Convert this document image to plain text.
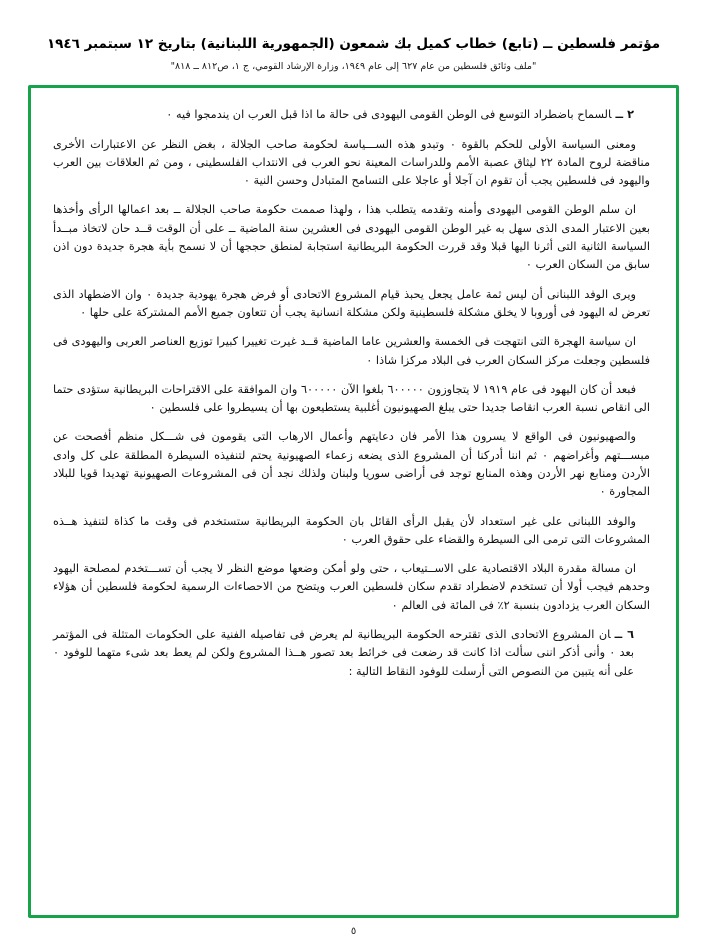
مؤتمر فلسطين ــ (تابع) خطاب كميل بك شمعون (الجمهورية اللبنانية) بتاريخ ١٢ سبتمبر ١٩٤٦
"ملف وثائق فلسطين من عام ٦٢٧ إلى عام ١٩٤٩، وزارة الإرشاد القومي، ج ١، ص٨١٢ ــ ٨١٨"

٢ ــالسماح باضطراد التوسع فى الوطن القومى اليهودى فى حالة ما اذا قبل العرب ان يندمجوا فيه ٠

ومعنى السياسة الأولى للحكم بالقوة ٠ وتبدو هذه الســـياسة لحكومة صاحب الجلالة ، بغض النظر عن الاعتبارات الأخرى مناقضة لروح المادة ٢٢ ليثاق عصبة الأمم وللدراسات المعينة نحو العرب فى الانتداب الفلسطينى ، ومن ثم العلاقات بين العرب واليهود فى فلسطين يجب أن تقوم ان آجلا أو عاجلا على التسامح المتبادل وحسن النية ٠

ان سلم الوطن القومى اليهودى وأمنه وتقدمه يتطلب هذا ، ولهذا صممت حكومة صاحب الجلالة ــ بعد اعمالها الرأى وأخذها بعين الاعتبار المدى الذى سهل به غير الوطن القومى اليهودى فى العشرين سنة الماضية ــ على أن الوقت قــد حان لاتخاذ مبــدأ السياسة الثانية التى أثرنا اليها قبلا وقد قررت الحكومة البريطانية استجابة لمنطق حججها أن لا نسمح بأية هجرة جديدة دون اذن سابق من السكان العرب ٠

ويرى الوفد اللبنانى أن ليس ثمة عامل يجعل يحبذ قيام المشروع الاتحادى أو فرض هجرة يهودية جديدة ٠ وان الاضطهاد الذى تعرض له اليهود فى أوروبا لا يخلق مشكلة فلسطينية ولكن مشكلة انسانية يجب أن تتعاون جميع الأمم المشتركة على حلها ٠

ان سياسة الهجرة التى انتهجت فى الخمسة والعشرين عاما الماضية قــد غيرت تغييرا كبيرا توزيع العناصر العربى واليهودى فى فلسطين وجعلت مركز السكان العرب فى البلاد مركزا شاذا ٠

فبعد أن كان اليهود فى عام ١٩١٩ لا يتجاوزون ٦٠٠٠٠٠ بلغوا الآن ٦٠٠٠٠٠ وان الموافقة على الاقتراحات البريطانية ستؤدى حتما الى انقاص نسبة العرب انقاصا جديدا حتى يبلغ الصهيونيون أغلبية يستطيعون بها أن يسيطروا على فلسطين ٠

والصهيونيون فى الواقع لا يسرون هذا الأمر فان دعايتهم وأعمال الارهاب التى يقومون فى شـــكل منظم أفصحت عن مبســـتهم وأغراضهم ٠ ثم اننا أدركنا أن المشروع الذى يضعه زعماء الصهيونية يحتم لتنفيذه السيطرة المطلقة على كل وادى الأردن ومنابع نهر الأردن وهذه المنابع توجد فى أراضى سوريا ولبنان ولذلك نجد أن فى المشروعات الصهيونية تهديدا قويا للبلاد المجاورة ٠

والوفد اللبنانى على غير استعداد لأن يقبل الرأى القائل بان الحكومة البريطانية ستستخدم فى وقت ما كذاة لتنفيذ هــذه المشروعات التى ترمى الى السيطرة والقضاء على حقوق العرب ٠

ان مسالة مقدرة البلاد الاقتصادية على الاســتيعاب ، حتى ولو أمكن وضعها موضع النظر لا يجب أن تســـتخدم لمصلحة اليهود وحدهم فيجب أولا أن تستخدم لاضطراد تقدم سكان فلسطين العرب ويتضح من الاحصاءات الرسمية لحكومة فلسطين أن هؤلاء السكان العرب يزدادون بنسبة ٢٪ فى المائة فى العالم ٠

٦ ــان المشروع الاتحادى الذى تقترحه الحكومة البريطانية لم يعرض فى تفاصيله الفنية على الحكومات المتثلة فى المؤتمر بعد ٠ وأنى أذكر اننى سألت اذا كانت قد رضعت فى خرائط بعد تصور هــذا المشروع ولكن لم يعط بعد شىء متهما للوفود ٠ على أنه يتبين من النصوص التى أرسلت للوفود النقاط التالية :

٥
